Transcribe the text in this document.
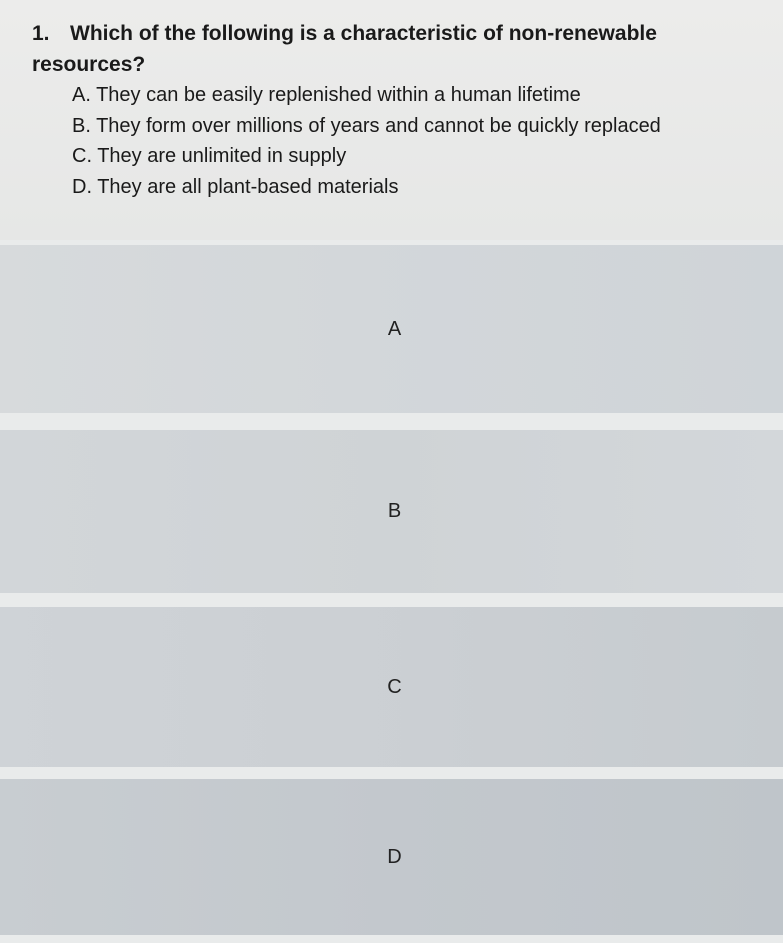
1. Which of the following is a characteristic of non-renewable resources?

A. They can be easily replenished within a human lifetime
B. They form over millions of years and cannot be quickly replaced
C. They are unlimited in supply
D. They are all plant-based materials
A
B
C
D
